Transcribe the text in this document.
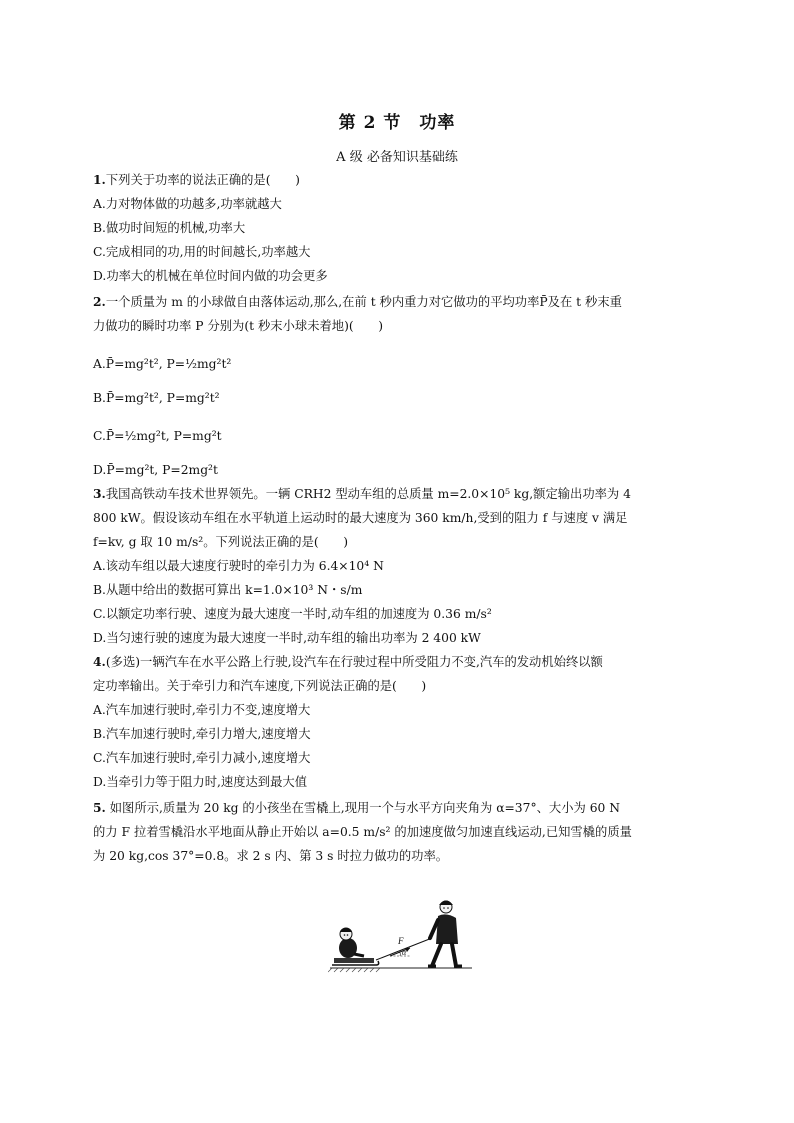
第 2 节　功率
A 级 必备知识基础练
1.下列关于功率的说法正确的是(　　)
A.力对物体做的功越多,功率就越大
B.做功时间短的机械,功率大
C.完成相同的功,用的时间越长,功率越大
D.功率大的机械在单位时间内做的功会更多
2.一个质量为 m 的小球做自由落体运动,那么,在前 t 秒内重力对它做功的平均功率P̄及在 t 秒末重
力做功的瞬时功率 P 分别为(t 秒末小球未着地)(　　)
A.P̄=mg²t², P=½mg²t²
B.P̄=mg²t², P=mg²t²
C.P̄=½mg²t, P=mg²t
D.P̄=mg²t, P=2mg²t
3.我国高铁动车技术世界领先。一辆 CRH2 型动车组的总质量 m=2.0×10⁵ kg,额定输出功率为 4
800 kW。假设该动车组在水平轨道上运动时的最大速度为 360 km/h,受到的阻力 f 与速度 v 满足
f=kv, g 取 10 m/s²。下列说法正确的是(　　)
A.该动车组以最大速度行驶时的牵引力为 6.4×10⁴ N
B.从题中给出的数据可算出 k=1.0×10³ N・s/m
C.以额定功率行驶、速度为最大速度一半时,动车组的加速度为 0.36 m/s²
D.当匀速行驶的速度为最大速度一半时,动车组的输出功率为 2 400 kW
4.(多选)一辆汽车在水平公路上行驶,设汽车在行驶过程中所受阻力不变,汽车的发动机始终以额
定功率输出。关于牵引力和汽车速度,下列说法正确的是(　　)
A.汽车加速行驶时,牵引力不变,速度增大
B.汽车加速行驶时,牵引力增大,速度增大
C.汽车加速行驶时,牵引力减小,速度增大
D.当牵引力等于阻力时,速度达到最大值
5. 如图所示,质量为 20 kg 的小孩坐在雪橇上,现用一个与水平方向夹角为 α=37°、大小为 60 N
的力 F 拉着雪橇沿水平地面从静止开始以 a=0.5 m/s² 的加速度做匀加速直线运动,已知雪橇的质量
为 20 kg,cos 37°=0.8。求 2 s 内、第 3 s 时拉力做功的功率。
F
α
